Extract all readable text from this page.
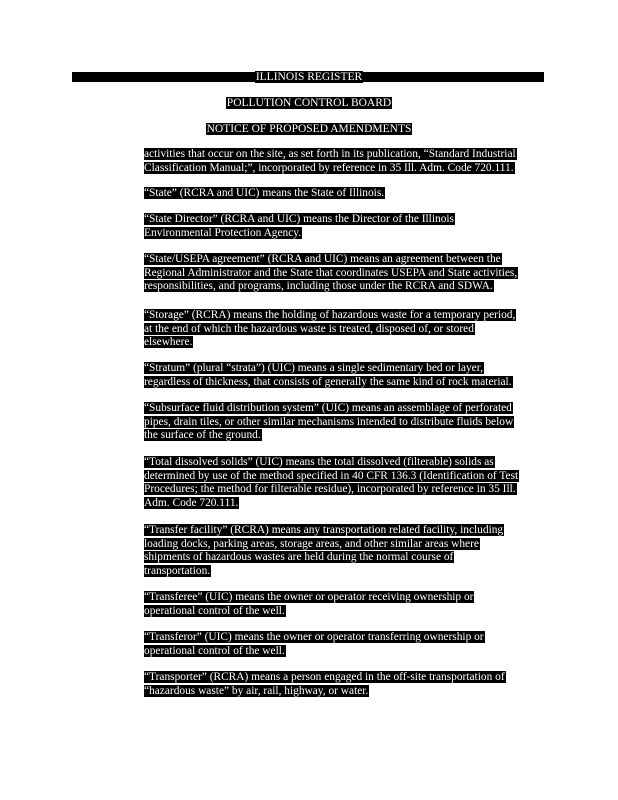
ILLINOIS REGISTER
POLLUTION CONTROL BOARD
NOTICE OF PROPOSED AMENDMENTS
activities that occur on the site, as set forth in its publication, “Standard Industrial
Classification Manual;”, incorporated by reference in 35 Ill. Adm. Code 720.111.
“State” (RCRA and UIC) means the State of Illinois.
“State Director” (RCRA and UIC) means the Director of the Illinois
Environmental Protection Agency.
“State/USEPA agreement” (RCRA and UIC) means an agreement between the
Regional Administrator and the State that coordinates USEPA and State activities,
responsibilities, and programs, including those under the RCRA and SDWA.
“Storage” (RCRA) means the holding of hazardous waste for a temporary period,
at the end of which the hazardous waste is treated, disposed of, or stored
elsewhere.
“Stratum” (plural “strata”) (UIC) means a single sedimentary bed or layer,
regardless of thickness, that consists of generally the same kind of rock material.
“Subsurface fluid distribution system” (UIC) means an assemblage of perforated
pipes, drain tiles, or other similar mechanisms intended to distribute fluids below
the surface of the ground.
“Total dissolved solids” (UIC) means the total dissolved (filterable) solids as
determined by use of the method specified in 40 CFR 136.3 (Identification of Test
Procedures; the method for filterable residue), incorporated by reference in 35 Ill.
Adm. Code 720.111.
“Transfer facility” (RCRA) means any transportation related facility, including
loading docks, parking areas, storage areas, and other similar areas where
shipments of hazardous wastes are held during the normal course of
transportation.
“Transferee” (UIC) means the owner or operator receiving ownership or
operational control of the well.
“Transferor” (UIC) means the owner or operator transferring ownership or
operational control of the well.
“Transporter” (RCRA) means a person engaged in the off-site transportation of
“hazardous waste” by air, rail, highway, or water.
